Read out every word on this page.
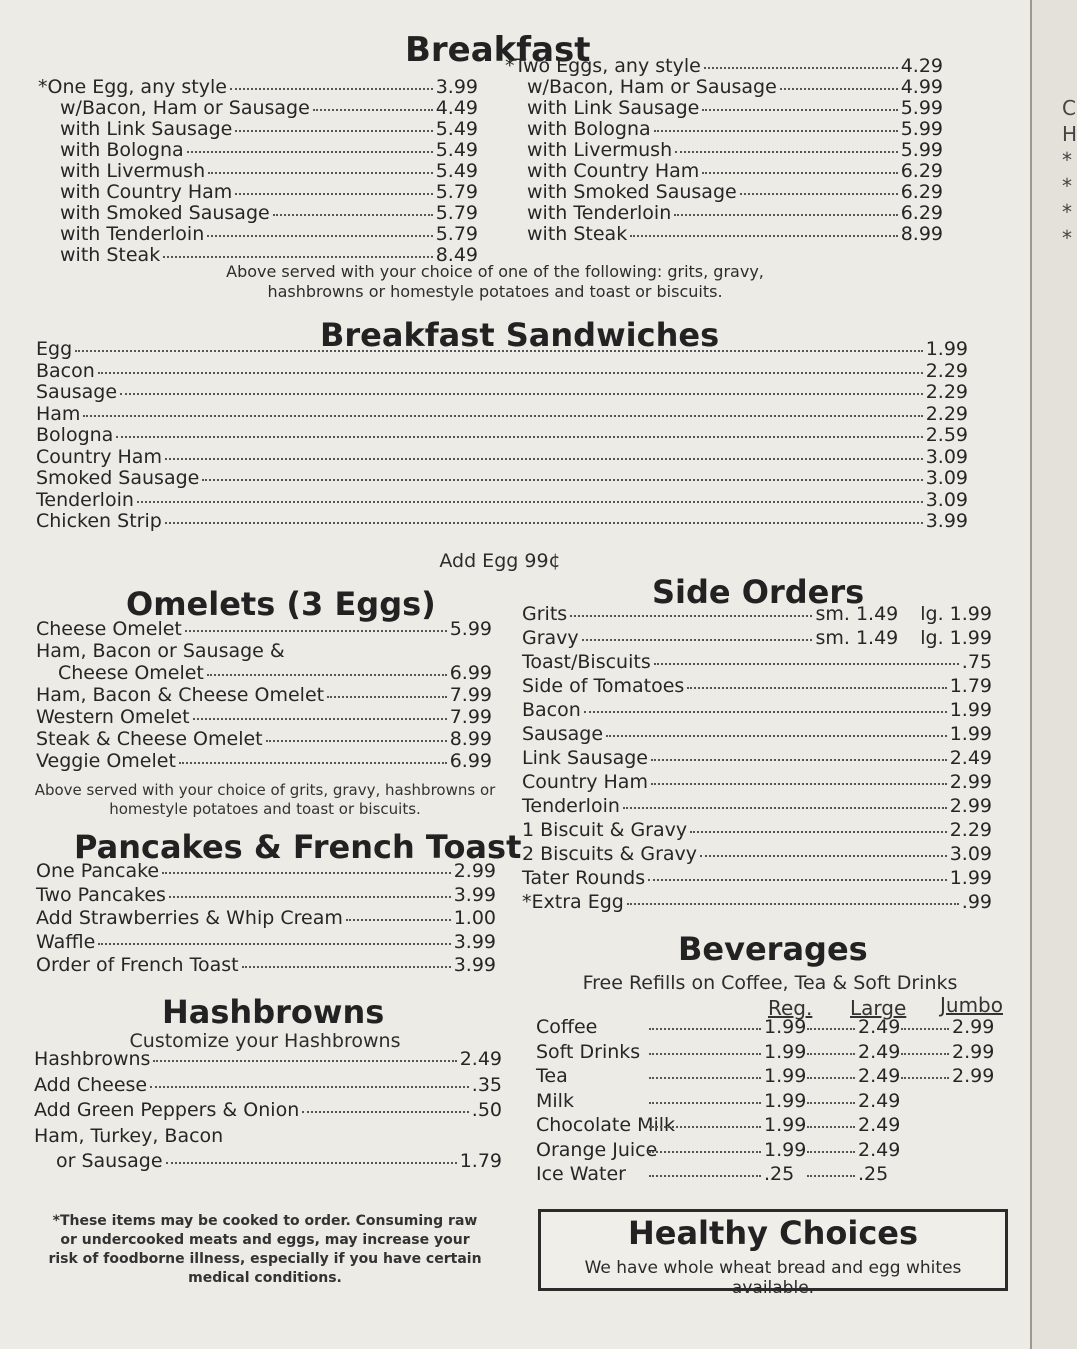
Breakfast
*One Egg, any style	3.99
w/Bacon, Ham or Sausage	4.49
with Link Sausage	5.49
with Bologna	5.49
with Livermush	5.49
with Country Ham	5.79
with Smoked Sausage	5.79
with Tenderloin	5.79
with Steak	8.49
*Two Eggs, any style	4.29
w/Bacon, Ham or Sausage	4.99
with Link Sausage	5.99
with Bologna	5.99
with Livermush	5.99
with Country Ham	6.29
with Smoked Sausage	6.29
with Tenderloin	6.29
with Steak	8.99
Above served with your choice of one of the following: grits, gravy,
hashbrowns or homestyle potatoes and toast or biscuits.
Breakfast Sandwiches
Egg	1.99
Bacon	2.29
Sausage	2.29
Ham	2.29
Bologna	2.59
Country Ham	3.09
Smoked Sausage	3.09
Tenderloin	3.09
Chicken Strip	3.99
Add Egg 99¢
Omelets (3 Eggs)
Cheese Omelet	5.99
Ham, Bacon or Sausage &
Cheese Omelet	6.99
Ham, Bacon & Cheese Omelet	7.99
Western Omelet	7.99
Steak & Cheese Omelet	8.99
Veggie Omelet	6.99
Above served with your choice of grits, gravy, hashbrowns or
homestyle potatoes and toast or biscuits.
Pancakes & French Toast
One Pancake	2.99
Two Pancakes	3.99
Add Strawberries & Whip Cream	1.00
Waffle	3.99
Order of French Toast	3.99
Hashbrowns
Customize your Hashbrowns
Hashbrowns	2.49
Add Cheese	.35
Add Green Peppers & Onion	.50
Ham, Turkey, Bacon
or Sausage	1.79
*These items may be cooked to order. Consuming raw
or undercooked meats and eggs, may increase your
risk of foodborne illness, especially if you have certain
medical conditions.
Side Orders
Grits	sm. 1.49 lg. 1.99
Gravy	sm. 1.49 lg. 1.99
Toast/Biscuits	.75
Side of Tomatoes	1.79
Bacon	1.99
Sausage	1.99
Link Sausage	2.49
Country Ham	2.99
Tenderloin	2.99
1 Biscuit & Gravy	2.29
2 Biscuits & Gravy	3.09
Tater Rounds	1.99
*Extra Egg	.99
Beverages
Free Refills on Coffee, Tea & Soft Drinks
Reg. Large Jumbo
Coffee	1.99	2.49	2.99
Soft Drinks	1.99	2.49	2.99
Tea	1.99	2.49	2.99
Milk	1.99	2.49
Chocolate Milk	1.99	2.49
Orange Juice	1.99	2.49
Ice Water	.25	.25
Healthy Choices
We have whole wheat bread and egg whites available.
C
H
*
*
*
*
